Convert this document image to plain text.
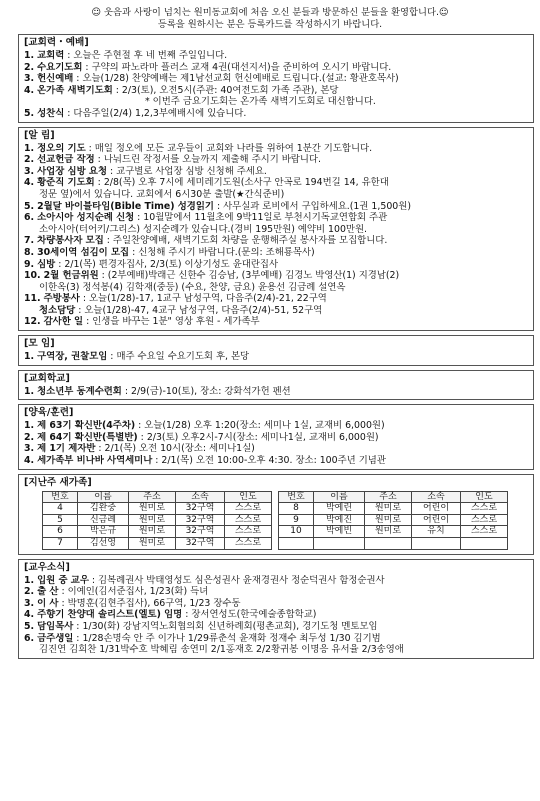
☺ 웃음과 사랑이 넘치는 원미동교회에 처음 오신 분들과 방문하신 분들을 환영합니다.☺
등록을 원하시는 분은 등록카드를 작성하시기 바랍니다.
[교회력・예배]
1. 교회력 : 오늘은 주현절 후 네 번째 주일입니다.
2. 수요기도회 : 구약의 파노라마 플러스 교재 4권(대선지서)을 준비하여 오시기 바랍니다.
3. 헌신예배 : 오늘(1/28) 찬양예배는 제1남선교회 헌신예배로 드립니다.(설교: 황관호목사)
4. 온가족 새벽기도회 : 2/3(토), 오전5시(주관: 40여전도회 가족 주관), 본당
* 이번주 금요기도회는 온가족 새벽기도회로 대신합니다.
5. 성찬식 : 다음주일(2/4) 1,2,3부예배시에 있습니다.
[알 림]
1. 정오의 기도 : 매일 정오에 모든 교우들이 교회와 나라를 위하여 1분간 기도합니다.
2. 선교헌금 작정 : 나눠드린 작정서를 오늘까지 제출해 주시기 바랍니다.
3. 사업장 심방 요청 : 교구별로 사업장 심방 신청해 주세요.
4. 황준직 기도회 : 2/8(목) 오후 7시에 세미레기도원(소사구 안곡로 194번길 14, 유한대
정문 옆)에서 있습니다. 교회에서 6시30분 출발(★간식준비)
5. 2월달 바이블타임(Bible Time) 성경읽기 : 사무실과 로비에서 구입하세요.(1권 1,500원)
6. 소아시아 성지순례 신청 : 10월말에서 11월초에 9박11일로 부천시기독교연합회 주관
소아시아(터어키/그리스) 성지순례가 있습니다.(경비 195만원) 예약비 100만원.
7. 차량봉사자 모집 : 주일찬양예배, 새벽기도회 차량을 운행해주실 봉사자를 모집합니다.
8. 30세이역 섬김이 모집 : 신청해 주시기 바랍니다.(문의: 조해룡목사)
9. 심방 : 2/1(목) 편경자집사, 2/3(토) 이상기성도 윤대란집사
10. 2월 헌금위원 : (2부예배)박래근 신한수 김승남, (3부예배) 김경노 박영산(1) 지경남(2)
이한옥(3) 정석봉(4) 김학재(중등) (수요, 찬양, 금요) 윤용선 김금례 설연옥
11. 주방봉사 : 오늘(1/28)-17, 1교구 남성구역, 다음주(2/4)-21, 22구역
청소담당 : 오늘(1/28)-47, 4교구 남성구역, 다음주(2/4)-51, 52구역
12. 감사한 일 : 인생을 바꾸는 1분" 영상 후원 - 세가족부
[모 임]
1. 구역장, 권찰모임 : 매주 수요일 수요기도회 후, 본당
[교회학교]
1. 청소년부 동계수련회 : 2/9(금)-10(토), 장소: 강화석가헌 펜션
[양육/훈련]
1. 제 63기 확신반(4주차) : 오늘(1/28) 오후 1:20(장소: 세미나 1실, 교재비 6,000원)
2. 제 64기 확신반(특별반) : 2/3(토) 오후2시-7시(장소: 세미나1실, 교재비 6,000원)
3. 제 1기 제자반 : 2/1(목) 오전 10시(장소: 세미나1실)
4. 세가족부 비나바 사역세미나 : 2/1(목) 오전 10:00-오후 4:30. 장소: 100주년 기념관
[지난주 새가족]
번호	이름	주소	소속	인도
4	김완중	원미로	32구역	스스로
5	신금례	원미로	32구역	스스로
6	박은규	원미로	32구역	스스로
7	김선영	원미로	32구역	스스로
번호	이름	주소	소속	인도
8	박예린	원미로	어린이	스스로
9	박예진	원미로	어린이	스스로
10	박예빈	원미로	유치	스스로

[교우소식]
1. 입원 중 교우 : 김복례권사 박태영성도 심은성권사 윤재경권사 정순덕권사 함정순권사
2. 출 산 : 이예인(김서준집사, 1/23(화) 득녀
3. 이 사 : 박명훈(김현주집사), 66구역, 1/23 장수동
4. 주향기 찬양대 솔리스트(엘토) 임명 : 장서연성도(한국예술종합학교)
5. 담임목사 : 1/30(화) 강남지역노회협의회 신년하례회(평촌교회), 경기도청 멘토모임
6. 금주생일 : 1/28손명숙 안 주 이가나 1/29류춘석 윤재화 정재수 최두성 1/30 김기범
김진연 김희찬 1/31박수호 박혜림 송연미 2/1홍재호 2/2황귀봉 이명응 유서율 2/3송영애
